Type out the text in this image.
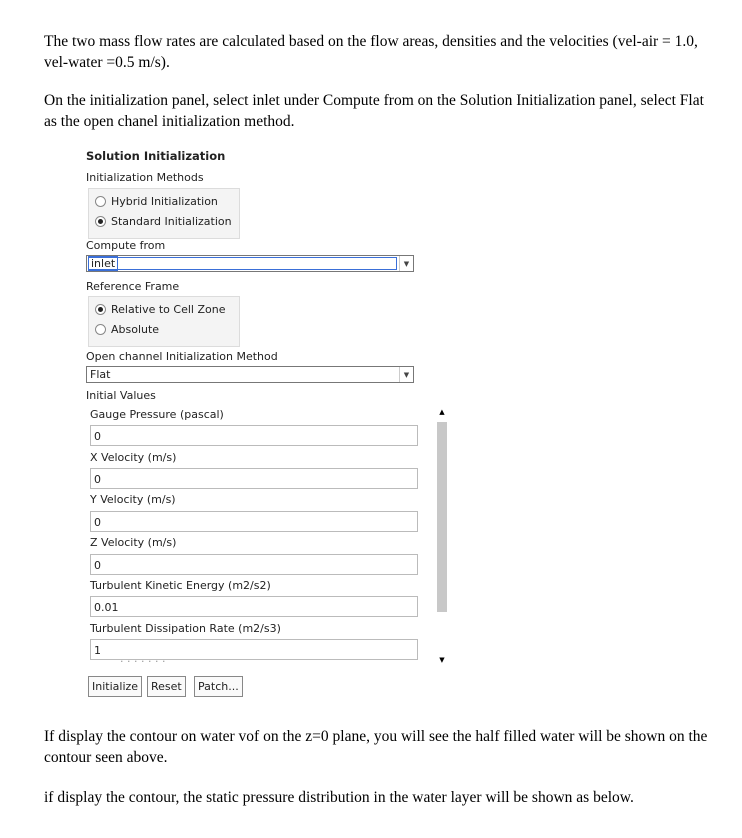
The two mass flow rates are calculated based on the flow areas, densities and the velocities (vel-air = 1.0, vel-water =0.5 m/s).
On the initialization panel, select inlet under Compute from on the Solution Initialization panel, select Flat as the open chanel initialization method.
Solution Initialization
Initialization Methods
Hybrid Initialization
Standard Initialization
Compute from
inlet	▼
Reference Frame
Relative to Cell Zone
Absolute
Open channel Initialization Method
Flat	▼
Initial Values
Gauge Pressure (pascal)
0
X Velocity (m/s)
0
Y Velocity (m/s)
0
Z Velocity (m/s)
0
Turbulent Kinetic Energy (m2/s2)
0.01
Turbulent Dissipation Rate (m2/s3)
1
· · · · · · ·
▲
▼
Initialize	Reset	Patch...
If display the contour on water vof on the z=0 plane, you will see the half filled water will be shown on the contour seen above.
if display the contour, the static pressure distribution in the water layer will be shown as below.
